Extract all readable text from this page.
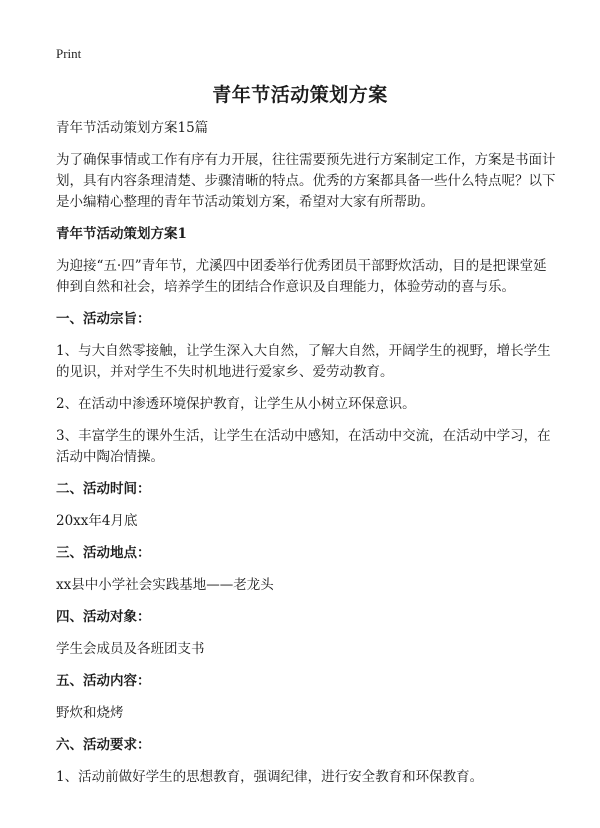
Print
青年节活动策划方案
青年节活动策划方案15篇
为了确保事情或工作有序有力开展，往往需要预先进行方案制定工作，方案是书面计划，具有内容条理清楚、步骤清晰的特点。优秀的方案都具备一些什么特点呢？以下是小编精心整理的青年节活动策划方案，希望对大家有所帮助。
青年节活动策划方案1
为迎接“五·四”青年节，尤溪四中团委举行优秀团员干部野炊活动，目的是把课堂延伸到自然和社会，培养学生的团结合作意识及自理能力，体验劳动的喜与乐。
一、活动宗旨：
1、与大自然零接触，让学生深入大自然，了解大自然，开阔学生的视野，增长学生的见识，并对学生不失时机地进行爱家乡、爱劳动教育。
2、在活动中渗透环境保护教育，让学生从小树立环保意识。
3、丰富学生的课外生活，让学生在活动中感知，在活动中交流，在活动中学习，在活动中陶冶情操。
二、活动时间：
20xx年4月底
三、活动地点：
xx县中小学社会实践基地——老龙头
四、活动对象：
学生会成员及各班团支书
五、活动内容：
野炊和烧烤
六、活动要求：
1、活动前做好学生的思想教育，强调纪律，进行安全教育和环保教育。
